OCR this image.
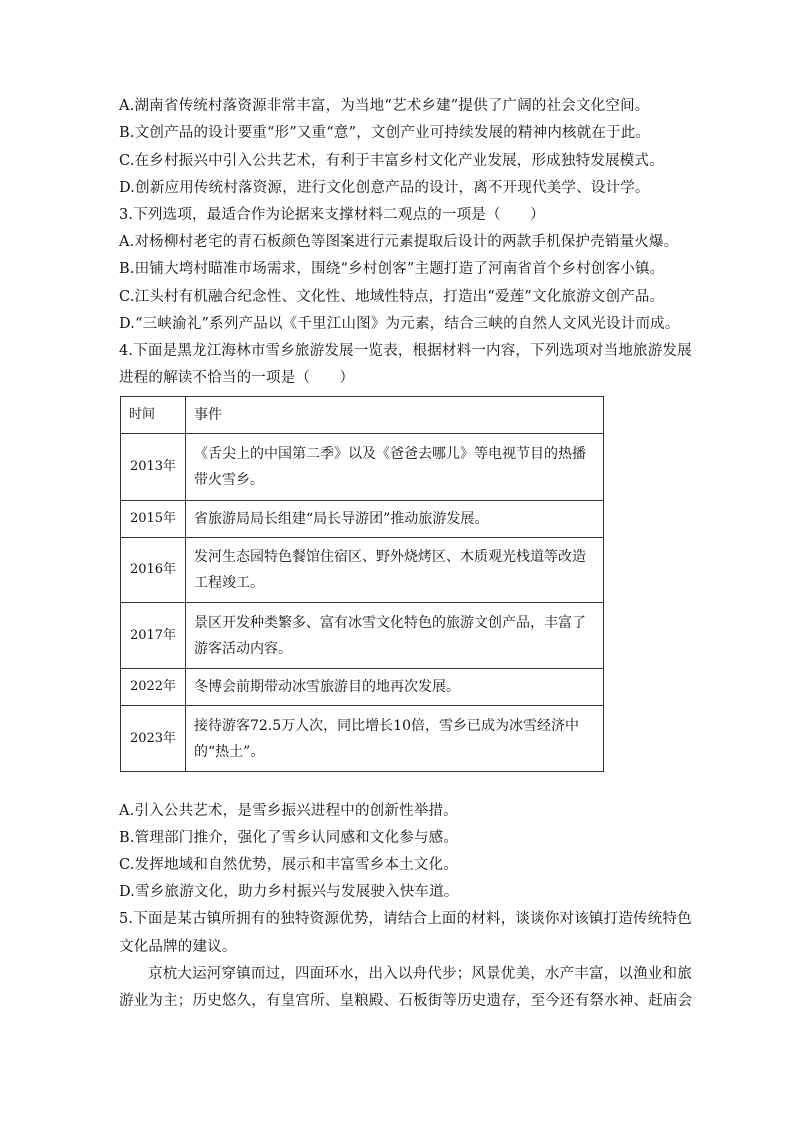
A.湖南省传统村落资源非常丰富，为当地“艺术乡建”提供了广阔的社会文化空间。
B.文创产品的设计要重“形”又重“意”，文创产业可持续发展的精神内核就在于此。
C.在乡村振兴中引入公共艺术，有利于丰富乡村文化产业发展，形成独特发展模式。
D.创新应用传统村落资源，进行文化创意产品的设计，离不开现代美学、设计学。
3.下列选项，最适合作为论据来支撑材料二观点的一项是（　　）
A.对杨柳村老宅的青石板颜色等图案进行元素提取后设计的两款手机保护壳销量火爆。
B.田铺大塆村瞄准市场需求，围绕“乡村创客”主题打造了河南省首个乡村创客小镇。
C.江头村有机融合纪念性、文化性、地域性特点，打造出“爱莲”文化旅游文创产品。
D.“三峡渝礼”系列产品以《千里江山图》为元素，结合三峡的自然人文风光设计而成。
4.下面是黑龙江海林市雪乡旅游发展一览表，根据材料一内容，下列选项对当地旅游发展
进程的解读不恰当的一项是（　　）
时间	事件
2013年	《舌尖上的中国第二季》以及《爸爸去哪儿》等电视节目的热播带火雪乡。
2015年	省旅游局局长组建“局长导游团”推动旅游发展。
2016年	发河生态园特色餐馆住宿区、野外烧烤区、木质观光栈道等改造工程竣工。
2017年	景区开发种类繁多、富有冰雪文化特色的旅游文创产品，丰富了游客活动内容。
2022年	冬博会前期带动冰雪旅游目的地再次发展。
2023年	接待游客72.5万人次，同比增长10倍，雪乡已成为冰雪经济中的“热土”。
A.引入公共艺术，是雪乡振兴进程中的创新性举措。
B.管理部门推介，强化了雪乡认同感和文化参与感。
C.发挥地域和自然优势，展示和丰富雪乡本土文化。
D.雪乡旅游文化，助力乡村振兴与发展驶入快车道。
5.下面是某古镇所拥有的独特资源优势，请结合上面的材料，谈谈你对该镇打造传统特色
文化品牌的建议。
京杭大运河穿镇而过，四面环水，出入以舟代步；风景优美，水产丰富，以渔业和旅
游业为主；历史悠久，有皇宫所、皇粮殿、石板街等历史遗存，至今还有祭水神、赶庙会
